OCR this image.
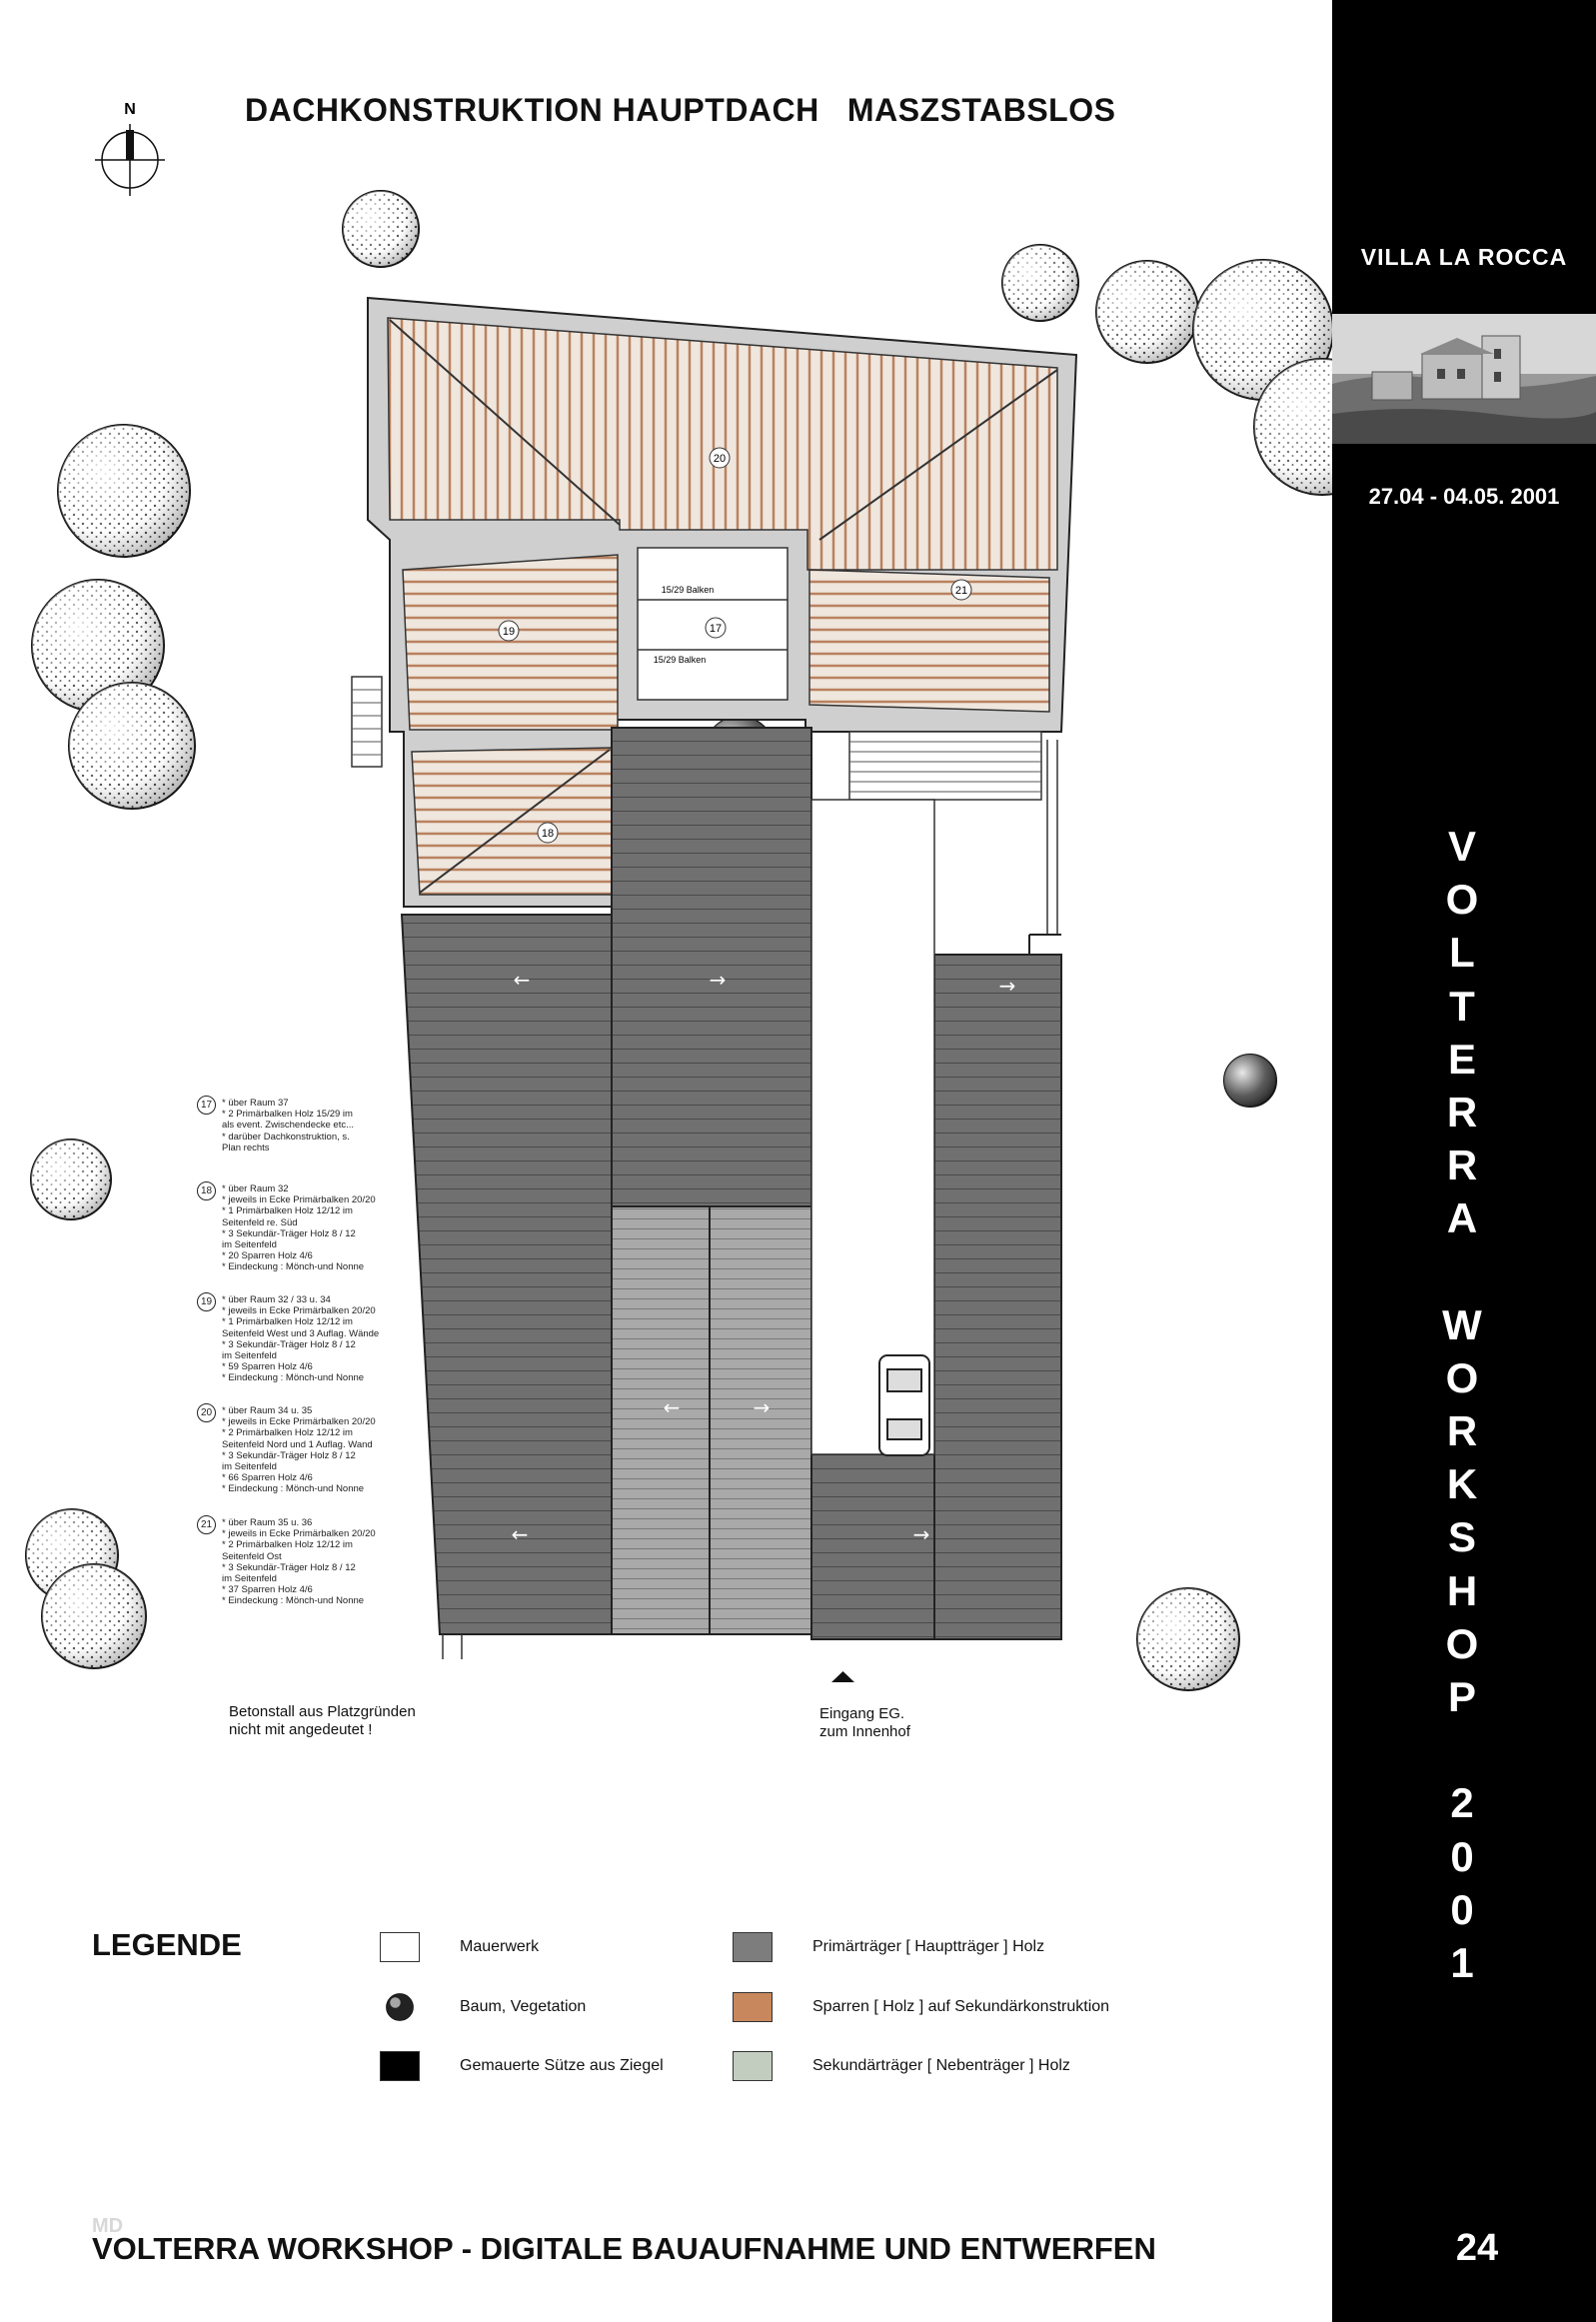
DACHKONSTRUKTION HAUPTDACH   MASZSTABSLOS
N
20
19	17
21
18
15/29 Balken
15/29 Balken
←	→	→
←	→
←	→
17	* über Raum 37
* 2 Primärbalken Holz 15/29 im
als event. Zwischendecke etc...
* darüber Dachkonstruktion, s.
Plan rechts
18	* über Raum 32
* jeweils in Ecke Primärbalken 20/20
* 1 Primärbalken Holz 12/12 im
Seitenfeld re. Süd
* 3 Sekundär-Träger Holz 8 / 12
im Seitenfeld
* 20 Sparren Holz 4/6
* Eindeckung : Mönch-und Nonne
19	* über Raum 32 / 33 u. 34
* jeweils in Ecke Primärbalken 20/20
* 1 Primärbalken Holz 12/12 im
Seitenfeld West und 3 Auflag. Wände
* 3 Sekundär-Träger Holz 8 / 12
im Seitenfeld
* 59 Sparren Holz 4/6
* Eindeckung : Mönch-und Nonne
20	* über Raum 34 u. 35
* jeweils in Ecke Primärbalken 20/20
* 2 Primärbalken Holz 12/12 im
Seitenfeld Nord und 1 Auflag. Wand
* 3 Sekundär-Träger Holz 8 / 12
im Seitenfeld
* 66 Sparren Holz 4/6
* Eindeckung : Mönch-und Nonne
21	* über Raum 35 u. 36
* jeweils in Ecke Primärbalken 20/20
* 2 Primärbalken Holz 12/12 im
Seitenfeld Ost
* 3 Sekundär-Träger Holz 8 / 12
im Seitenfeld
* 37 Sparren Holz 4/6
* Eindeckung : Mönch-und Nonne
Betonstall aus Platzgründen
nicht mit angedeutet !
Eingang EG.
zum Innenhof
LEGENDE	Mauerwerk
Baum, Vegetation
Gemauerte Sütze aus Ziegel
Primärträger [ Hauptträger ] Holz
Sparren [ Holz ] auf Sekundärkonstruktion
Sekundärträger [ Nebenträger ] Holz
VILLA LA ROCCA
27.04 - 04.05. 2001
V
O
L
T
E
R
R
A
W
O
R
K
S
H
O
P
2
0
0
1
24
MD
VOLTERRA WORKSHOP - DIGITALE BAUAUFNAHME UND ENTWERFEN
